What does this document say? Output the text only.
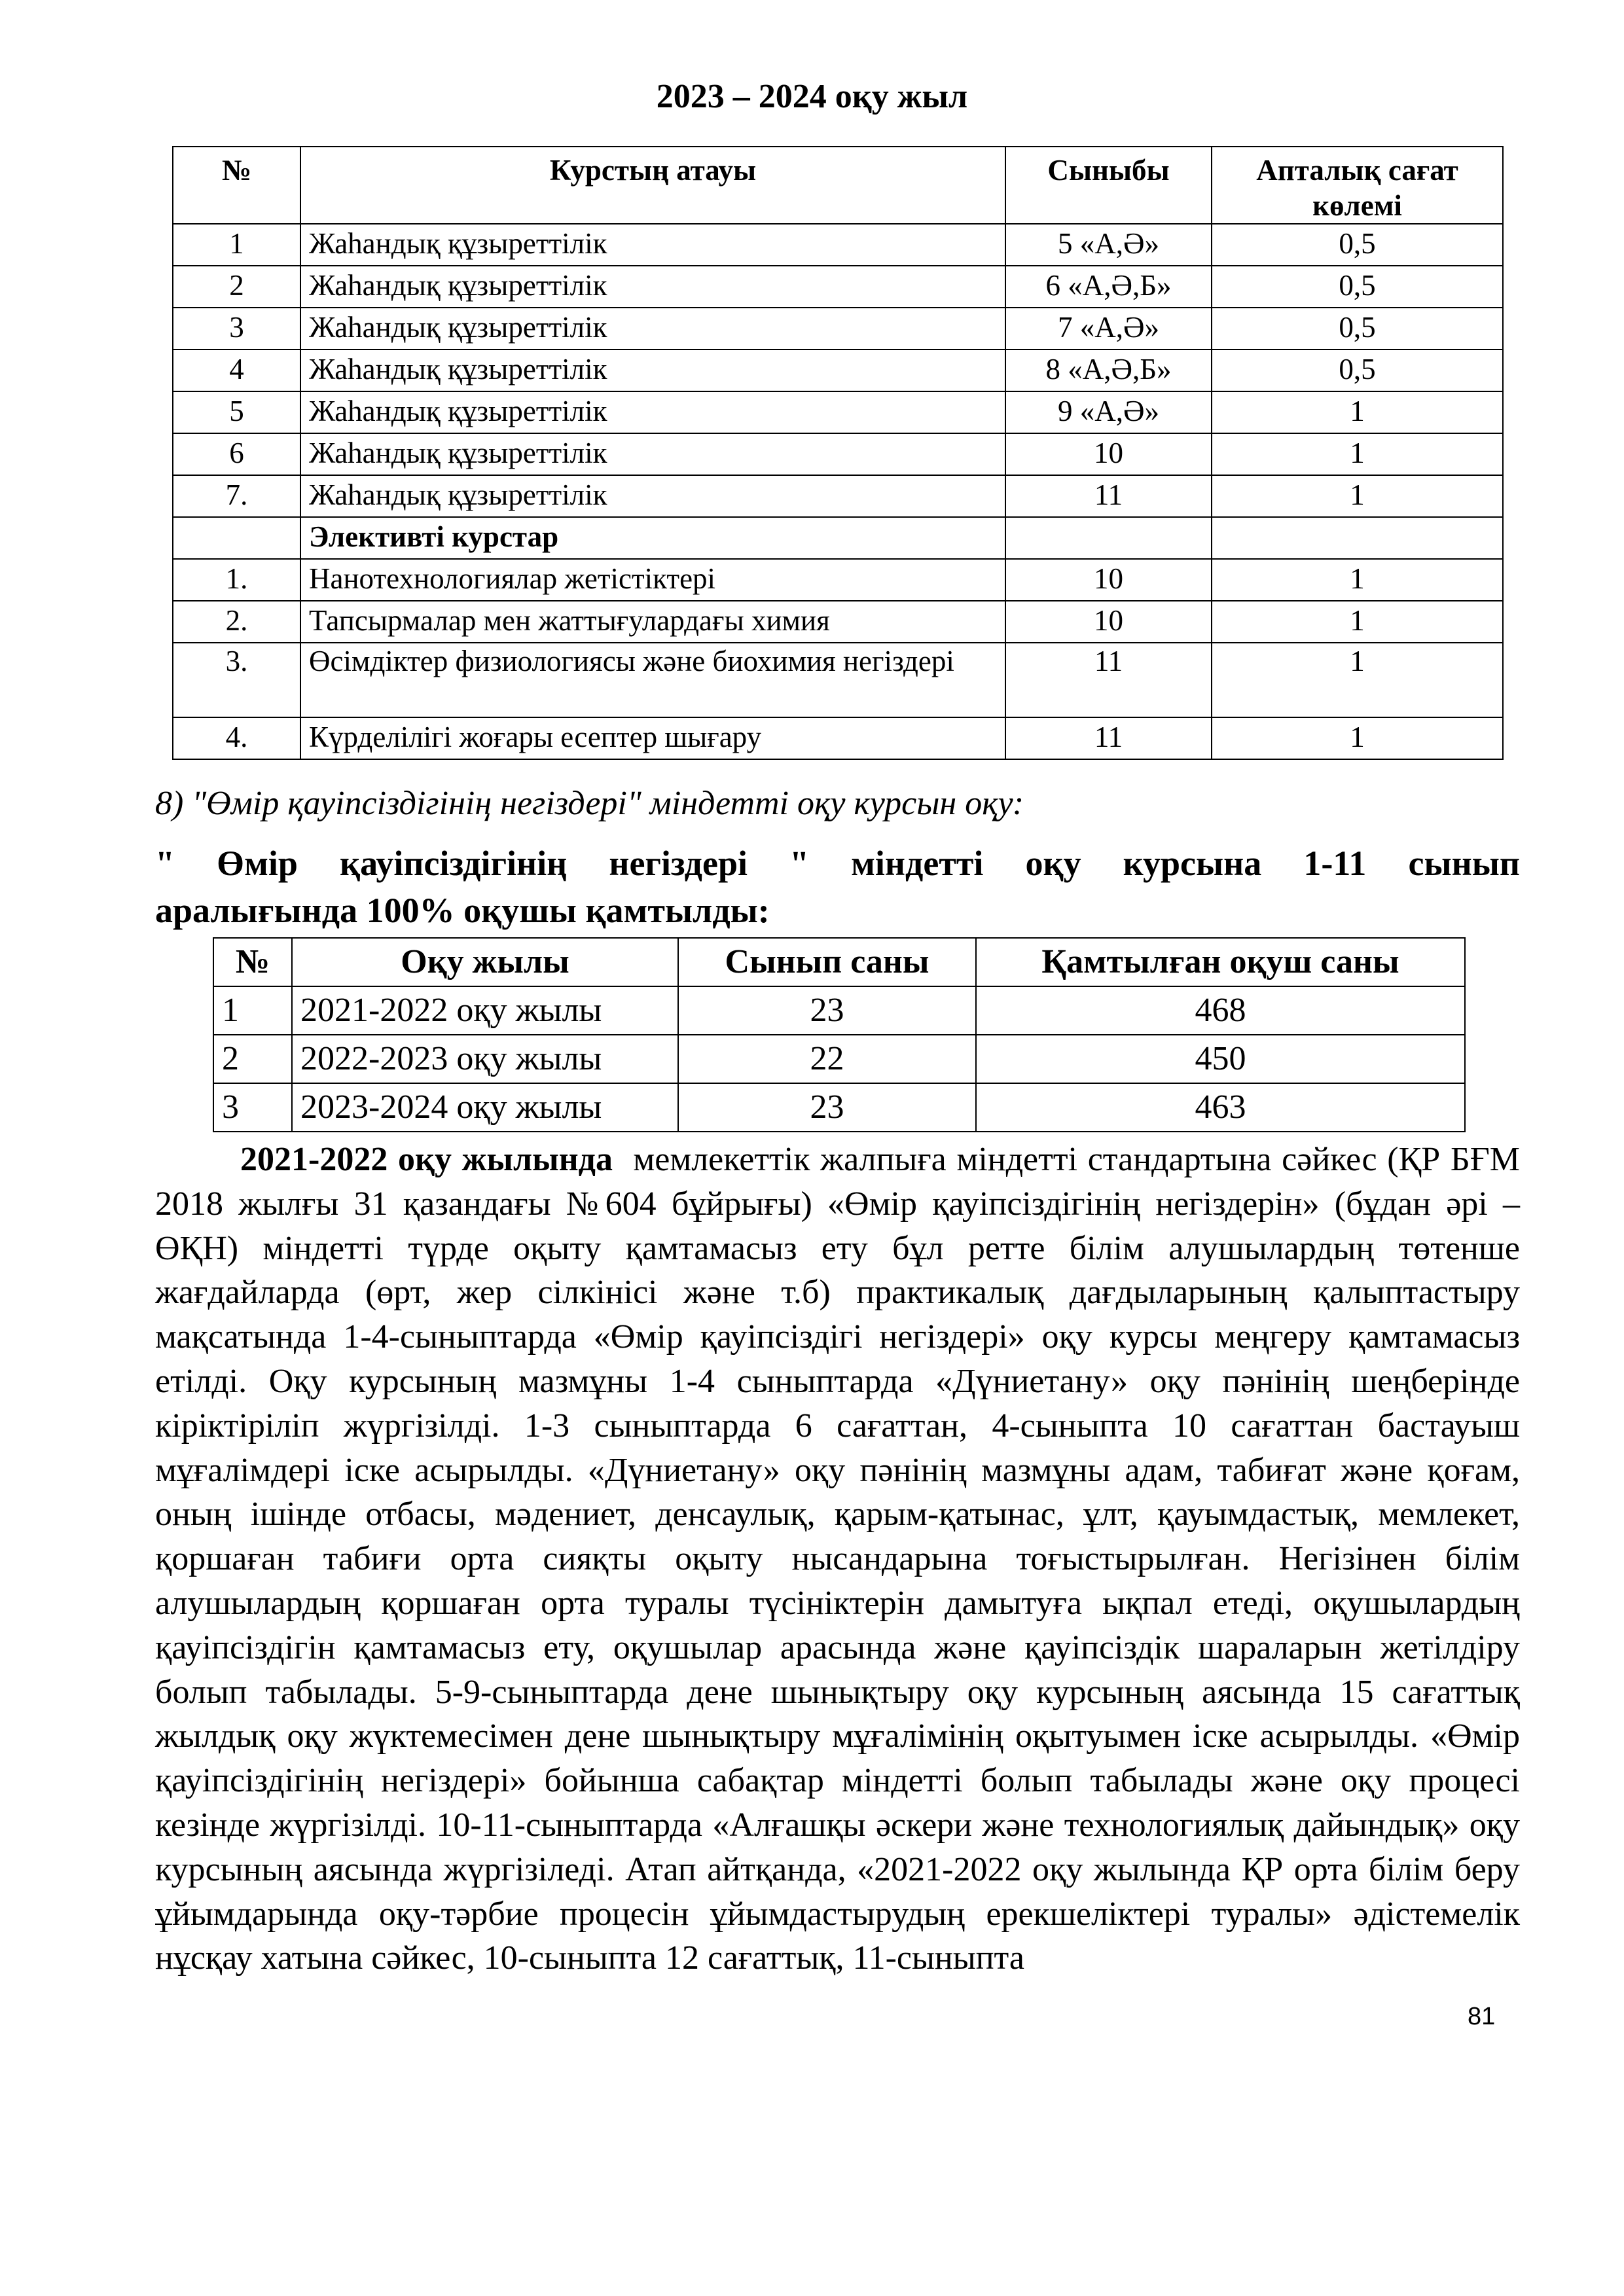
2023 – 2024 оқу жыл
№	Курстың атауы	Сыныбы	Апталық сағат көлемі
1	Жаһандық құзыреттілік	5 «А,Ә»	0,5
2	Жаһандық құзыреттілік	6 «А,Ә,Б»	0,5
3	Жаһандық құзыреттілік	7 «А,Ә»	0,5
4	Жаһандық құзыреттілік	8 «А,Ә,Б»	0,5
5	Жаһандық құзыреттілік	9 «А,Ә»	1
6	Жаһандық құзыреттілік	10	1
7.	Жаһандық құзыреттілік	11	1
	Элективті курстар		
1.	Нанотехнологиялар жетістіктері	10	1
2.	Тапсырмалар мен жаттығулардағы химия	10	1
3.	Өсімдіктер физиологиясы және биохимия негіздері	11	1
4.	Күрделілігі жоғары есептер шығару	11	1
8) "Өмір қауіпсіздігінің негіздері" міндетті оқу курсын оқу:
" Өмір қауіпсіздігінің негіздері " міндетті оқу курсына 1-11 сынып
аралығында 100% оқушы қамтылды:
№	Оқу жылы	Сынып саны	Қамтылған оқуш саны
1	2021-2022 оқу жылы	23	468
2	2022-2023 оқу жылы	22	450
3	2023-2024 оқу жылы	23	463

2021-2022 оқу жылында мемлекеттік жалпыға міндетті стандартына сәйкес (ҚР БҒМ 2018 жылғы 31 қазандағы №604 бұйрығы) «Өмір қауіпсіздігінің негіздерін» (бұдан әрі – ӨҚН) міндетті түрде оқыту қамтамасыз ету бұл ретте білім алушылардың төтенше жағдайларда (өрт, жер сілкінісі және т.б) практикалық дағдыларының қалыптастыру мақсатында 1-4-сыныптарда «Өмір қауіпсіздігі негіздері» оқу курсы меңгеру қамтамасыз етілді. Оқу курсының мазмұны 1-4 сыныптарда «Дүниетану» оқу пәнінің шеңберінде кіріктіріліп жүргізілді. 1-3 сыныптарда 6 сағаттан, 4-сыныпта 10 сағаттан бастауыш мұғалімдері іске асырылды. «Дүниетану» оқу пәнінің мазмұны адам, табиғат және қоғам, оның ішінде отбасы, мәдениет, денсаулық, қарым-қатынас, ұлт, қауымдастық, мемлекет, қоршаған табиғи орта сияқты оқыту нысандарына тоғыстырылған. Негізінен білім алушылардың қоршаған орта туралы түсініктерін дамытуға ықпал етеді, оқушылардың қауіпсіздігін қамтамасыз ету, оқушылар арасында және қауіпсіздік шараларын жетілдіру болып табылады. 5-9-сыныптарда дене шынықтыру оқу курсының аясында 15 сағаттық жылдық оқу жүктемесімен дене шынықтыру мұғалімінің оқытуымен іске асырылды. «Өмір қауіпсіздігінің негіздері» бойынша сабақтар міндетті болып табылады және оқу процесі кезінде жүргізілді. 10-11-сыныптарда «Алғашқы әскери және технологиялық дайындық» оқу курсының аясында жүргізіледі. Атап айтқанда, «2021-2022 оқу жылында ҚР орта білім беру ұйымдарында оқу-тәрбие процесін ұйымдастырудың ерекшеліктері туралы» әдістемелік нұсқау хатына сәйкес, 10-сыныпта 12 сағаттық, 11-сыныпта

81
